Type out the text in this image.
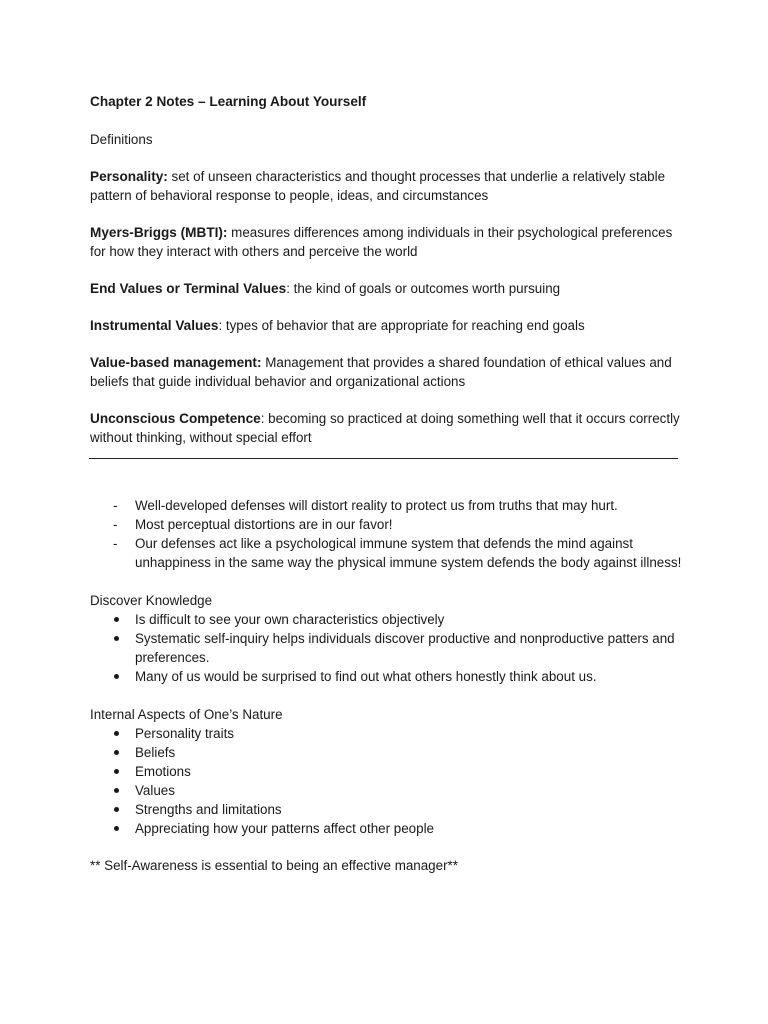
Chapter 2 Notes – Learning About Yourself

Definitions

Personality: set of unseen characteristics and thought processes that underlie a relatively stable pattern of behavioral response to people, ideas, and circumstances

Myers-Briggs (MBTI): measures differences among individuals in their psychological preferences for how they interact with others and perceive the world

End Values or Terminal Values: the kind of goals or outcomes worth pursuing

Instrumental Values: types of behavior that are appropriate for reaching end goals

Value-based management: Management that provides a shared foundation of ethical values and beliefs that guide individual behavior and organizational actions

Unconscious Competence: becoming so practiced at doing something well that it occurs correctly without thinking, without special effort

- Well-developed defenses will distort reality to protect us from truths that may hurt.
- Most perceptual distortions are in our favor!
- Our defenses act like a psychological immune system that defends the mind against unhappiness in the same way the physical immune system defends the body against illness!

Discover Knowledge

Is difficult to see your own characteristics objectively
Systematic self-inquiry helps individuals discover productive and nonproductive patters and preferences.
Many of us would be surprised to find out what others honestly think about us.

Internal Aspects of One’s Nature

Personality traits
Beliefs
Emotions
Values
Strengths and limitations
Appreciating how your patterns affect other people

** Self-Awareness is essential to being an effective manager**
